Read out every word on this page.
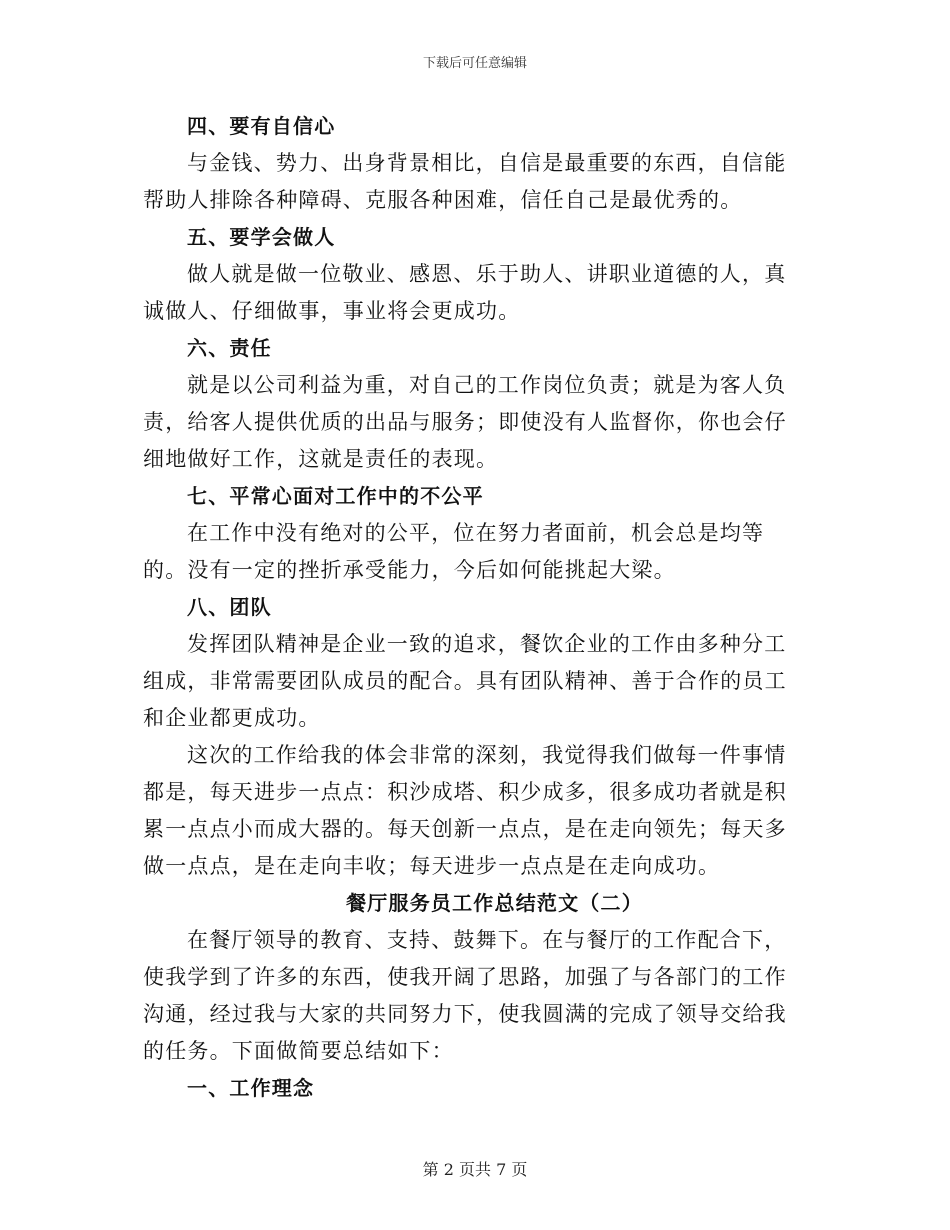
下载后可任意编辑

四、要有自信心

与金钱、势力、出身背景相比，自信是最重要的东西，自信能帮助人排除各种障碍、克服各种困难，信任自己是最优秀的。

五、要学会做人

做人就是做一位敬业、感恩、乐于助人、讲职业道德的人，真诚做人、仔细做事，事业将会更成功。

六、责任

就是以公司利益为重，对自己的工作岗位负责；就是为客人负责，给客人提供优质的出品与服务；即使没有人监督你，你也会仔细地做好工作，这就是责任的表现。

七、平常心面对工作中的不公平

在工作中没有绝对的公平，位在努力者面前，机会总是均等的。没有一定的挫折承受能力，今后如何能挑起大梁。

八、团队

发挥团队精神是企业一致的追求，餐饮企业的工作由多种分工组成，非常需要团队成员的配合。具有团队精神、善于合作的员工和企业都更成功。

这次的工作给我的体会非常的深刻，我觉得我们做每一件事情都是，每天进步一点点：积沙成塔、积少成多，很多成功者就是积累一点点小而成大器的。每天创新一点点，是在走向领先；每天多做一点点，是在走向丰收；每天进步一点点是在走向成功。

餐厅服务员工作总结范文（二）

在餐厅领导的教育、支持、鼓舞下。在与餐厅的工作配合下，使我学到了许多的东西，使我开阔了思路，加强了与各部门的工作沟通，经过我与大家的共同努力下，使我圆满的完成了领导交给我的任务。下面做简要总结如下：

一、工作理念

第 2 页共 7 页
